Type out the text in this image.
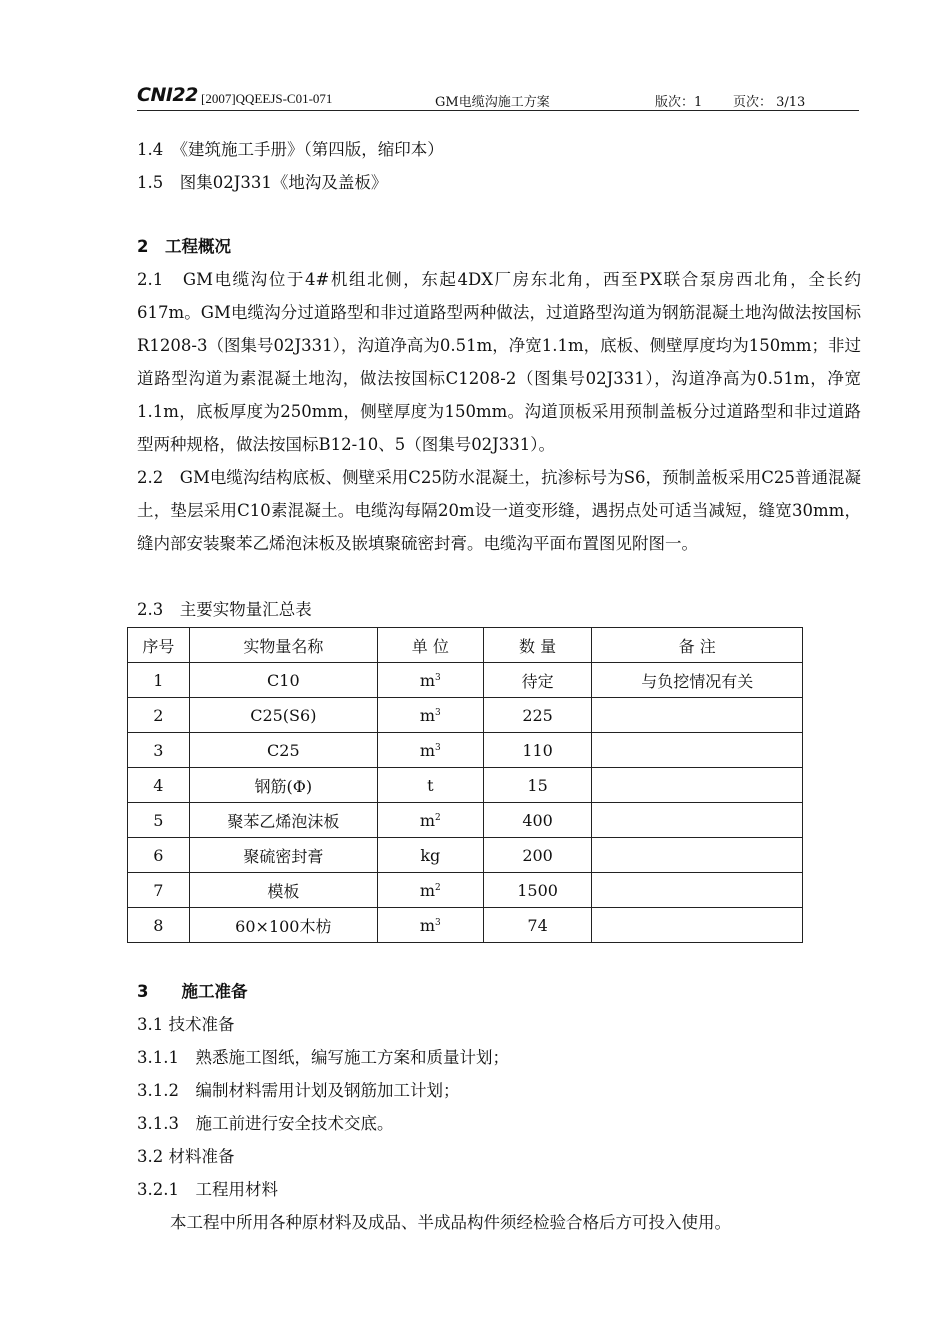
CNI22 [2007]QQEEJS-C01-071	GM电缆沟施工方案	版次：1 页次： 3/13
1.4　《建筑施工手册》（第四版，缩印本）
1.5　图集02J331《地沟及盖板》
2　工程概况
2.1　GM电缆沟位于4#机组北侧，东起4DX厂房东北角，西至PX联合泵房西北角，全长约617m。GM电缆沟分过道路型和非过道路型两种做法，过道路型沟道为钢筋混凝土地沟做法按国标R1208-3（图集号02J331），沟道净高为0.51m，净宽1.1m，底板、侧壁厚度均为150mm；非过道路型沟道为素混凝土地沟，做法按国标C1208-2（图集号02J331），沟道净高为0.51m，净宽1.1m，底板厚度为250mm，侧壁厚度为150mm。沟道顶板采用预制盖板分过道路型和非过道路型两种规格，做法按国标B12-10、5（图集号02J331）。
2.2　GM电缆沟结构底板、侧壁采用C25防水混凝土，抗渗标号为S6，预制盖板采用C25普通混凝土，垫层采用C10素混凝土。电缆沟每隔20m设一道变形缝，遇拐点处可适当减短，缝宽30mm，缝内部安装聚苯乙烯泡沫板及嵌填聚硫密封膏。电缆沟平面布置图见附图一。
2.3　主要实物量汇总表
序号	实物量名称	单 位	数 量	备 注
1	C10	$m^3$	待定	与负挖情况有关
2	C25(S6)	$m^3$	225	
3	C25	$m^3$	110	
4	钢筋(Φ)	t	15	
5	聚苯乙烯泡沫板	$m^2$	400	
6	聚硫密封膏	kg	200	
7	模板	$m^2$	1500	
8	60×100木枋	$m^3$	74	
3　　施工准备
3.1 技术准备
3.1.1　熟悉施工图纸，编写施工方案和质量计划；
3.1.2　编制材料需用计划及钢筋加工计划；
3.1.3　施工前进行安全技术交底。
3.2 材料准备
3.2.1　工程用材料
本工程中所用各种原材料及成品、半成品构件须经检验合格后方可投入使用。
